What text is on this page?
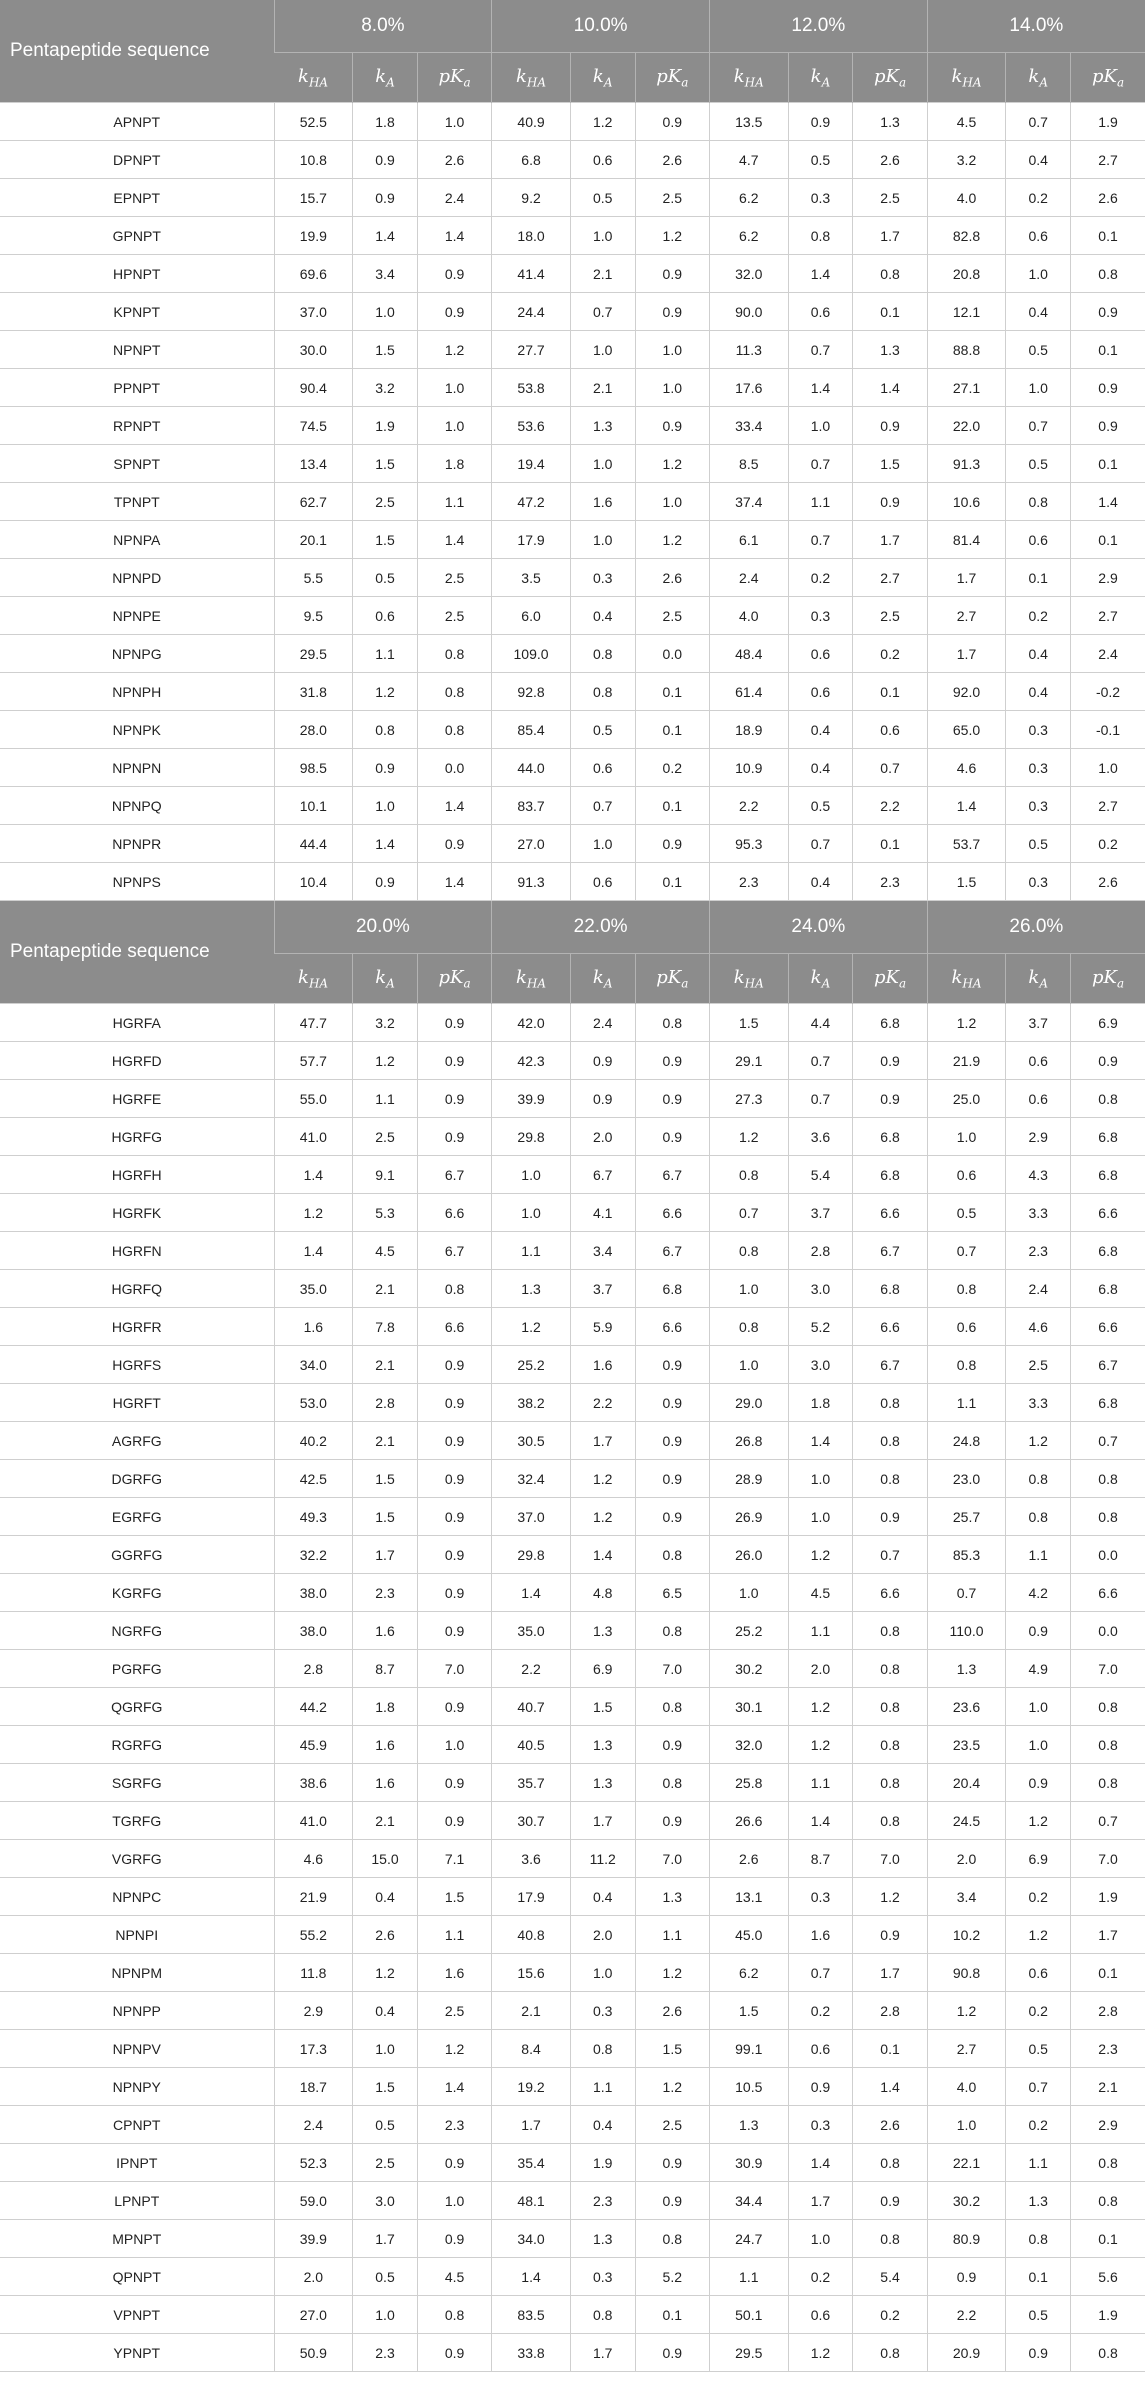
Pentapeptide sequence	8.0%			10.0%			12.0%			14.0%		
	$k_{HA}$	$k_A$	$pK_a$	$k_{HA}$	$k_A$	$pK_a$	$k_{HA}$	$k_A$	$pK_a$	$k_{HA}$	$k_A$	$pK_a$
APNPT	52.5	1.8	1.0	40.9	1.2	0.9	13.5	0.9	1.3	4.5	0.7	1.9
DPNPT	10.8	0.9	2.6	6.8	0.6	2.6	4.7	0.5	2.6	3.2	0.4	2.7
EPNPT	15.7	0.9	2.4	9.2	0.5	2.5	6.2	0.3	2.5	4.0	0.2	2.6
GPNPT	19.9	1.4	1.4	18.0	1.0	1.2	6.2	0.8	1.7	82.8	0.6	0.1
HPNPT	69.6	3.4	0.9	41.4	2.1	0.9	32.0	1.4	0.8	20.8	1.0	0.8
KPNPT	37.0	1.0	0.9	24.4	0.7	0.9	90.0	0.6	0.1	12.1	0.4	0.9
NPNPT	30.0	1.5	1.2	27.7	1.0	1.0	11.3	0.7	1.3	88.8	0.5	0.1
PPNPT	90.4	3.2	1.0	53.8	2.1	1.0	17.6	1.4	1.4	27.1	1.0	0.9
RPNPT	74.5	1.9	1.0	53.6	1.3	0.9	33.4	1.0	0.9	22.0	0.7	0.9
SPNPT	13.4	1.5	1.8	19.4	1.0	1.2	8.5	0.7	1.5	91.3	0.5	0.1
TPNPT	62.7	2.5	1.1	47.2	1.6	1.0	37.4	1.1	0.9	10.6	0.8	1.4
NPNPA	20.1	1.5	1.4	17.9	1.0	1.2	6.1	0.7	1.7	81.4	0.6	0.1
NPNPD	5.5	0.5	2.5	3.5	0.3	2.6	2.4	0.2	2.7	1.7	0.1	2.9
NPNPE	9.5	0.6	2.5	6.0	0.4	2.5	4.0	0.3	2.5	2.7	0.2	2.7
NPNPG	29.5	1.1	0.8	109.0	0.8	0.0	48.4	0.6	0.2	1.7	0.4	2.4
NPNPH	31.8	1.2	0.8	92.8	0.8	0.1	61.4	0.6	0.1	92.0	0.4	-0.2
NPNPK	28.0	0.8	0.8	85.4	0.5	0.1	18.9	0.4	0.6	65.0	0.3	-0.1
NPNPN	98.5	0.9	0.0	44.0	0.6	0.2	10.9	0.4	0.7	4.6	0.3	1.0
NPNPQ	10.1	1.0	1.4	83.7	0.7	0.1	2.2	0.5	2.2	1.4	0.3	2.7
NPNPR	44.4	1.4	0.9	27.0	1.0	0.9	95.3	0.7	0.1	53.7	0.5	0.2
NPNPS	10.4	0.9	1.4	91.3	0.6	0.1	2.3	0.4	2.3	1.5	0.3	2.6
Pentapeptide sequence	20.0%			22.0%			24.0%			26.0%		
	$k_{HA}$	$k_A$	$pK_a$	$k_{HA}$	$k_A$	$pK_a$	$k_{HA}$	$k_A$	$pK_a$	$k_{HA}$	$k_A$	$pK_a$
HGRFA	47.7	3.2	0.9	42.0	2.4	0.8	1.5	4.4	6.8	1.2	3.7	6.9
HGRFD	57.7	1.2	0.9	42.3	0.9	0.9	29.1	0.7	0.9	21.9	0.6	0.9
HGRFE	55.0	1.1	0.9	39.9	0.9	0.9	27.3	0.7	0.9	25.0	0.6	0.8
HGRFG	41.0	2.5	0.9	29.8	2.0	0.9	1.2	3.6	6.8	1.0	2.9	6.8
HGRFH	1.4	9.1	6.7	1.0	6.7	6.7	0.8	5.4	6.8	0.6	4.3	6.8
HGRFK	1.2	5.3	6.6	1.0	4.1	6.6	0.7	3.7	6.6	0.5	3.3	6.6
HGRFN	1.4	4.5	6.7	1.1	3.4	6.7	0.8	2.8	6.7	0.7	2.3	6.8
HGRFQ	35.0	2.1	0.8	1.3	3.7	6.8	1.0	3.0	6.8	0.8	2.4	6.8
HGRFR	1.6	7.8	6.6	1.2	5.9	6.6	0.8	5.2	6.6	0.6	4.6	6.6
HGRFS	34.0	2.1	0.9	25.2	1.6	0.9	1.0	3.0	6.7	0.8	2.5	6.7
HGRFT	53.0	2.8	0.9	38.2	2.2	0.9	29.0	1.8	0.8	1.1	3.3	6.8
AGRFG	40.2	2.1	0.9	30.5	1.7	0.9	26.8	1.4	0.8	24.8	1.2	0.7
DGRFG	42.5	1.5	0.9	32.4	1.2	0.9	28.9	1.0	0.8	23.0	0.8	0.8
EGRFG	49.3	1.5	0.9	37.0	1.2	0.9	26.9	1.0	0.9	25.7	0.8	0.8
GGRFG	32.2	1.7	0.9	29.8	1.4	0.8	26.0	1.2	0.7	85.3	1.1	0.0
KGRFG	38.0	2.3	0.9	1.4	4.8	6.5	1.0	4.5	6.6	0.7	4.2	6.6
NGRFG	38.0	1.6	0.9	35.0	1.3	0.8	25.2	1.1	0.8	110.0	0.9	0.0
PGRFG	2.8	8.7	7.0	2.2	6.9	7.0	30.2	2.0	0.8	1.3	4.9	7.0
QGRFG	44.2	1.8	0.9	40.7	1.5	0.8	30.1	1.2	0.8	23.6	1.0	0.8
RGRFG	45.9	1.6	1.0	40.5	1.3	0.9	32.0	1.2	0.8	23.5	1.0	0.8
SGRFG	38.6	1.6	0.9	35.7	1.3	0.8	25.8	1.1	0.8	20.4	0.9	0.8
TGRFG	41.0	2.1	0.9	30.7	1.7	0.9	26.6	1.4	0.8	24.5	1.2	0.7
VGRFG	4.6	15.0	7.1	3.6	11.2	7.0	2.6	8.7	7.0	2.0	6.9	7.0
NPNPC	21.9	0.4	1.5	17.9	0.4	1.3	13.1	0.3	1.2	3.4	0.2	1.9
NPNPI	55.2	2.6	1.1	40.8	2.0	1.1	45.0	1.6	0.9	10.2	1.2	1.7
NPNPM	11.8	1.2	1.6	15.6	1.0	1.2	6.2	0.7	1.7	90.8	0.6	0.1
NPNPP	2.9	0.4	2.5	2.1	0.3	2.6	1.5	0.2	2.8	1.2	0.2	2.8
NPNPV	17.3	1.0	1.2	8.4	0.8	1.5	99.1	0.6	0.1	2.7	0.5	2.3
NPNPY	18.7	1.5	1.4	19.2	1.1	1.2	10.5	0.9	1.4	4.0	0.7	2.1
CPNPT	2.4	0.5	2.3	1.7	0.4	2.5	1.3	0.3	2.6	1.0	0.2	2.9
IPNPT	52.3	2.5	0.9	35.4	1.9	0.9	30.9	1.4	0.8	22.1	1.1	0.8
LPNPT	59.0	3.0	1.0	48.1	2.3	0.9	34.4	1.7	0.9	30.2	1.3	0.8
MPNPT	39.9	1.7	0.9	34.0	1.3	0.8	24.7	1.0	0.8	80.9	0.8	0.1
QPNPT	2.0	0.5	4.5	1.4	0.3	5.2	1.1	0.2	5.4	0.9	0.1	5.6
VPNPT	27.0	1.0	0.8	83.5	0.8	0.1	50.1	0.6	0.2	2.2	0.5	1.9
YPNPT	50.9	2.3	0.9	33.8	1.7	0.9	29.5	1.2	0.8	20.9	0.9	0.8
